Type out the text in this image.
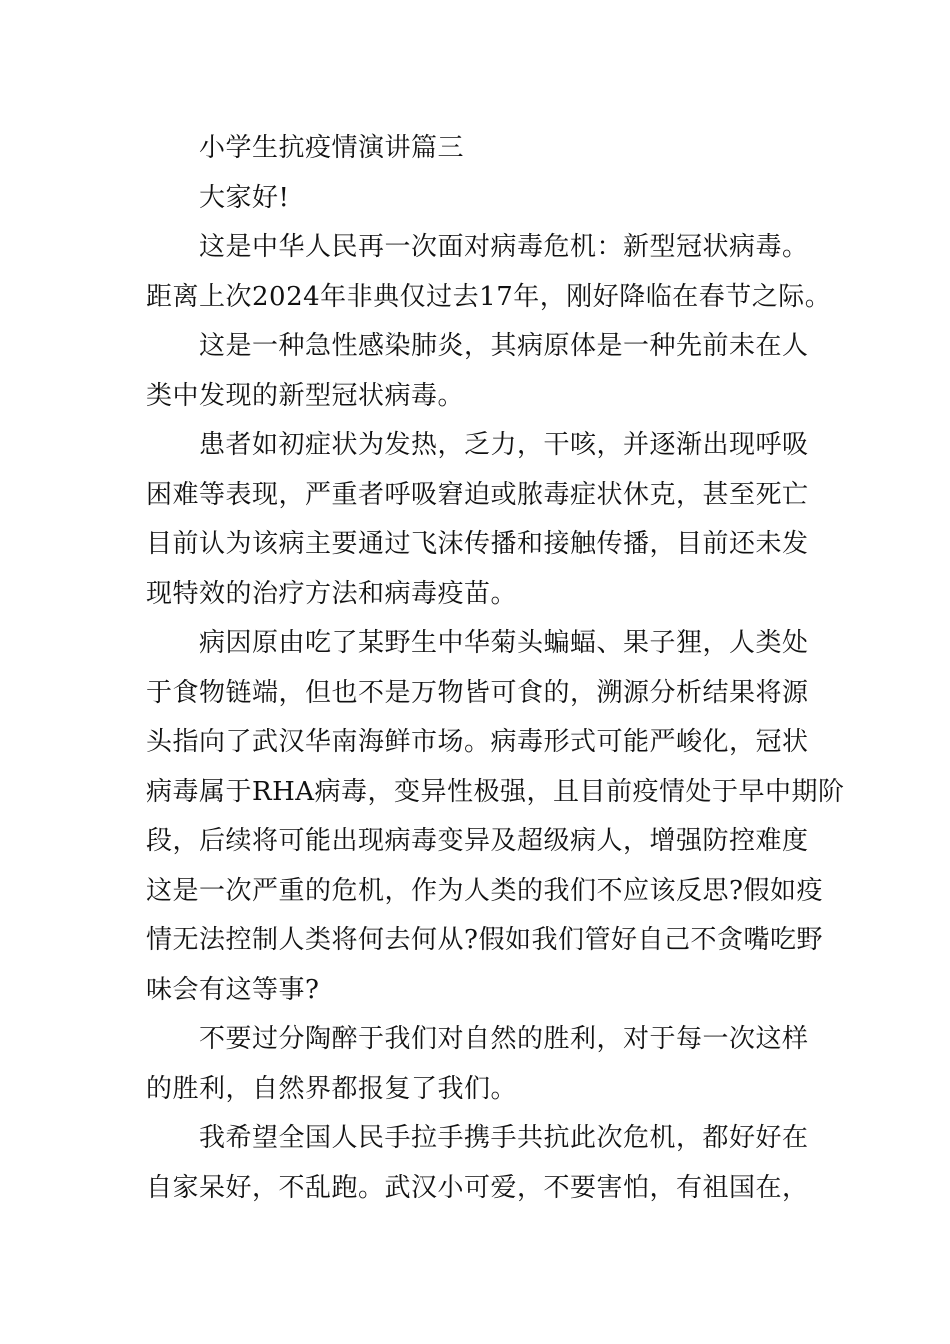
小学生抗疫情演讲篇三
大家好!
这是中华人民再一次面对病毒危机：新型冠状病毒。
距离上次2024年非典仅过去17年，刚好降临在春节之际。
这是一种急性感染肺炎，其病原体是一种先前未在人
类中发现的新型冠状病毒。
患者如初症状为发热，乏力，干咳，并逐渐出现呼吸
困难等表现，严重者呼吸窘迫或脓毒症状休克，甚至死亡
目前认为该病主要通过飞沫传播和接触传播，目前还未发
现特效的治疗方法和病毒疫苗。
病因原由吃了某野生中华菊头蝙蝠、果子狸，人类处
于食物链端，但也不是万物皆可食的，溯源分析结果将源
头指向了武汉华南海鲜市场。病毒形式可能严峻化，冠状
病毒属于RHA病毒，变异性极强，且目前疫情处于早中期阶
段，后续将可能出现病毒变异及超级病人，增强防控难度
这是一次严重的危机，作为人类的我们不应该反思?假如疫
情无法控制人类将何去何从?假如我们管好自己不贪嘴吃野
味会有这等事?
不要过分陶醉于我们对自然的胜利，对于每一次这样
的胜利，自然界都报复了我们。
我希望全国人民手拉手携手共抗此次危机，都好好在
自家呆好，不乱跑。武汉小可爱，不要害怕，有祖国在，
